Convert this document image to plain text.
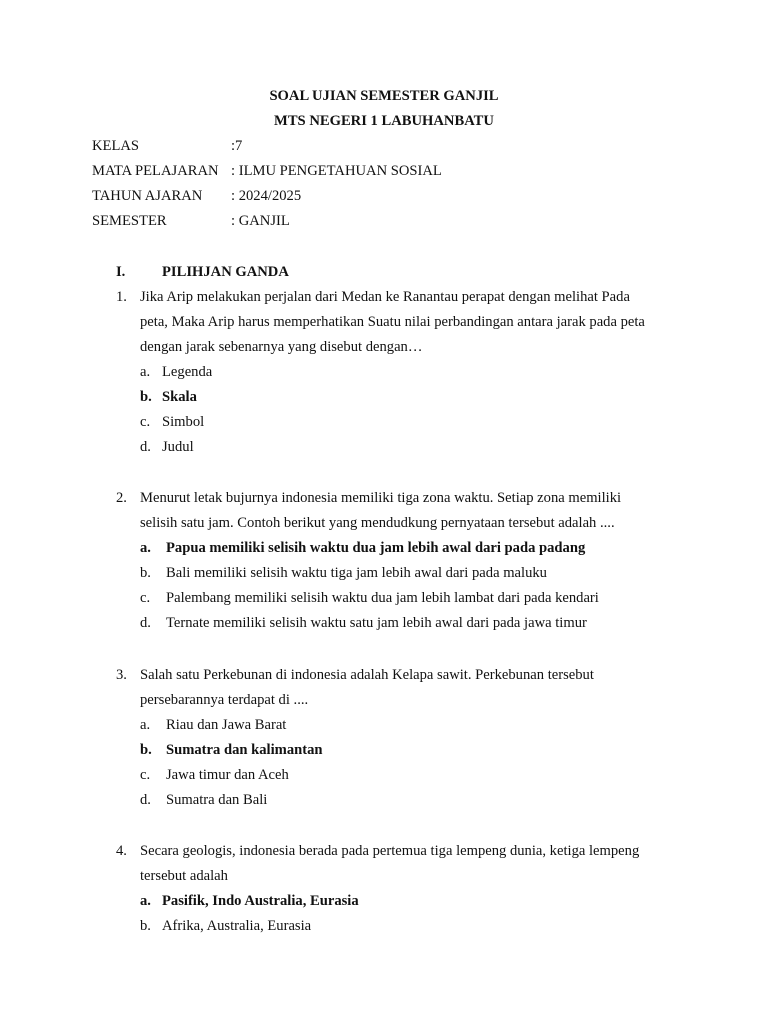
SOAL UJIAN SEMESTER GANJIL
MTS NEGERI 1 LABUHANBATU
KELAS	:7
MATA PELAJARAN : ILMU PENGETAHUAN SOSIAL
TAHUN AJARAN : 2024/2025
SEMESTER	: GANJIL
I.	PILIHJAN GANDA
1. Jika Arip melakukan perjalan dari Medan ke Ranantau perapat dengan melihat Pada
peta, Maka Arip harus memperhatikan Suatu nilai perbandingan antara jarak pada peta
dengan jarak sebenarnya yang disebut dengan…
a. Legenda
b. Skala
c. Simbol
d. Judul
2. Menurut letak bujurnya indonesia memiliki tiga zona waktu. Setiap zona memiliki
selisih satu jam. Contoh berikut yang mendudkung pernyataan tersebut adalah ....
a. Papua memiliki selisih waktu dua jam lebih awal dari pada padang
b. Bali memiliki selisih waktu tiga jam lebih awal dari pada maluku
c. Palembang memiliki selisih waktu dua jam lebih lambat dari pada kendari
d. Ternate memiliki selisih waktu satu jam lebih awal dari pada jawa timur
3. Salah satu Perkebunan di indonesia adalah Kelapa sawit. Perkebunan tersebut
persebarannya terdapat di ....
a. Riau dan Jawa Barat
b. Sumatra dan kalimantan
c. Jawa timur dan Aceh
d. Sumatra dan Bali
4. Secara geologis, indonesia berada pada pertemua tiga lempeng dunia, ketiga lempeng
tersebut adalah
a. Pasifik, Indo Australia, Eurasia
b. Afrika, Australia, Eurasia
